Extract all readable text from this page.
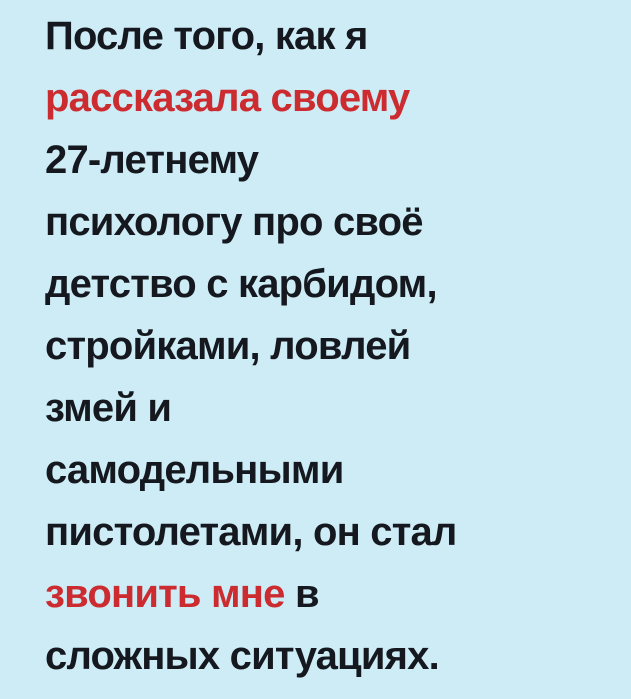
После того, как я

рассказала своему

27-летнему

психологу про своё

детство с карбидом,

стройками, ловлей

змей и

самодельными

пистолетами, он стал

звонить мне в

сложных ситуациях.
